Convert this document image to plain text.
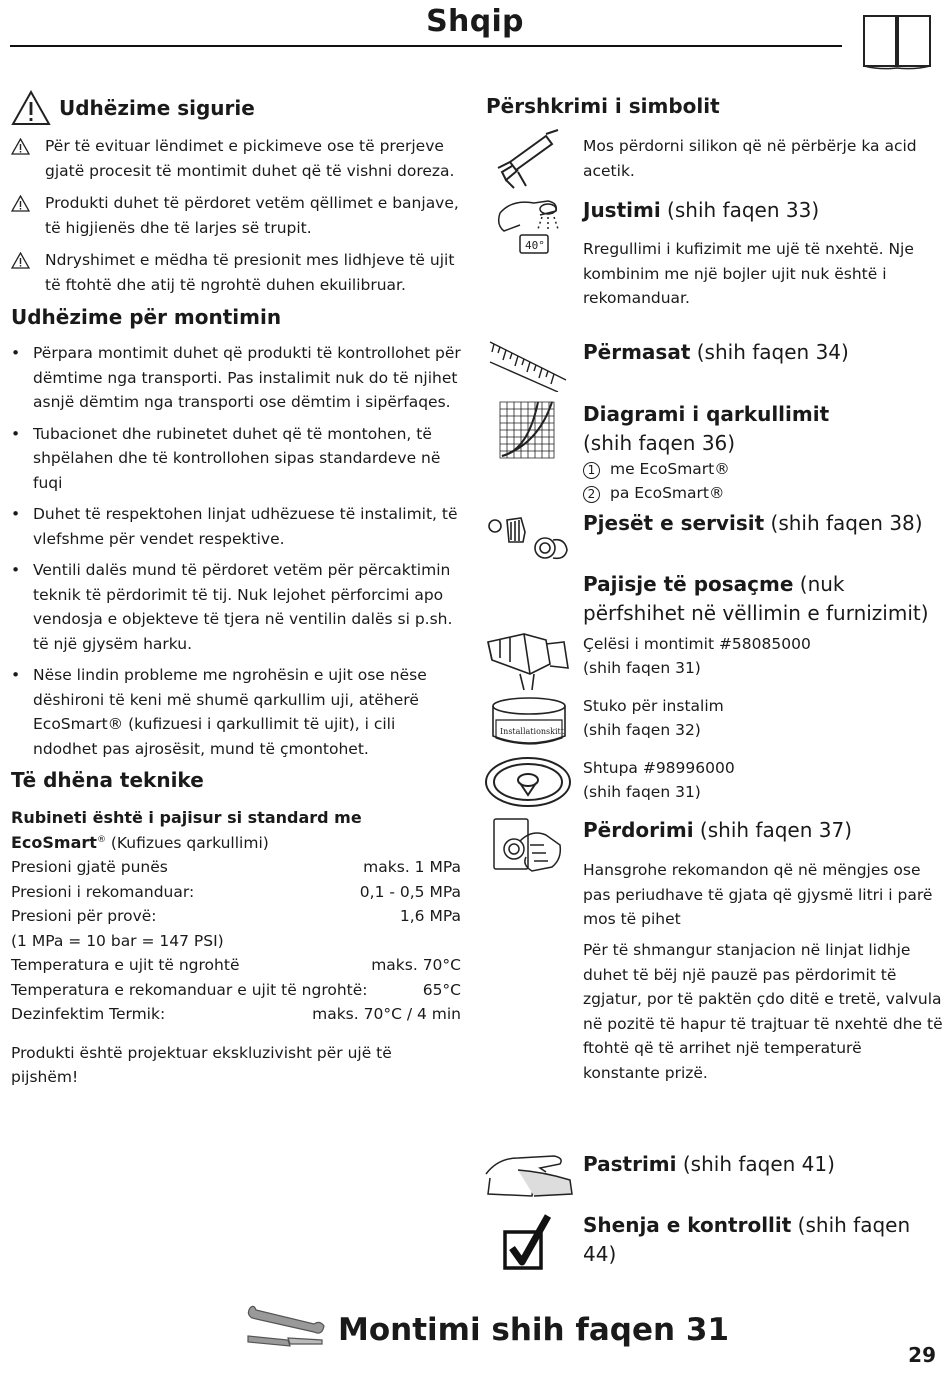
Shqip
Udhëzime sigurie
Për të evituar lëndimet e pickimeve ose të prerjeve gjatë procesit të montimit duhet që të vishni doreza.
Produkti duhet të përdoret vetëm qëllimet e banjave, të higjienës dhe të larjes së trupit.
Ndryshimet e mëdha të presionit mes lidhjeve të ujit të ftohtë dhe atij të ngrohtë duhen ekuilibruar.
Udhëzime për montimin
• Përpara montimit duhet që produkti të kontrollohet për dëmtime nga transporti. Pas instalimit nuk do të njihet asnjë dëmtim nga transporti ose dëmtim i sipërfaqes.
• Tubacionet dhe rubinetet duhet që të montohen, të shpëlahen dhe të kontrollohen sipas standardeve në fuqi
• Duhet të respektohen linjat udhëzuese të instalimit, të vlefshme për vendet respektive.
• Ventili dalës mund të përdoret vetëm për përcaktimin teknik të përdorimit të tij. Nuk lejohet përforcimi apo vendosja e objekteve të tjera në ventilin dalës si p.sh. të një gjysëm harku.
• Nëse lindin probleme me ngrohësin e ujit ose nëse dëshironi të keni më shumë qarkullim uji, atëherë EcoSmart® (kufizuesi i qarkullimit të ujit), i cili ndodhet pas ajrosësit, mund të çmontohet.
Të dhëna teknike
Rubineti është i pajisur si standard me EcoSmart® (Kufizues qarkullimi)
Presioni gjatë punës	maks. 1 MPa
Presioni i rekomanduar:	0,1 - 0,5 MPa
Presioni për provë:	1,6 MPa
(1 MPa = 10 bar = 147 PSI)
Temperatura e ujit të ngrohtë	maks. 70°C
Temperatura e rekomanduar e ujit të ngrohtë:	65°C
Dezinfektim Termik:	maks. 70°C / 4 min
Produkti është projektuar ekskluzivisht për ujë të pijshëm!
Përshkrimi i simbolit
Mos përdorni silikon që në përbërje ka acid acetik.
40°
Justimi (shih faqen 33)
Rregullimi i kufizimit me ujë të nxehtë. Nje kombinim me një bojler ujit nuk është i rekomanduar.
Përmasat (shih faqen 34)
Diagrami i qarkullimit
(shih faqen 36)
1 me EcoSmart®
2 pa EcoSmart®
Pjesët e servisit (shih faqen 38)
Pajisje të posaçme (nuk përfshihet në vëllimin e furnizimit)
Çelësi i montimit #58085000
(shih faqen 31)
Installationskitt
Stuko për instalim
(shih faqen 32)
Shtupa #98996000
(shih faqen 31)
Përdorimi (shih faqen 37)
Hansgrohe rekomandon që në mëngjes ose pas periudhave të gjata që gjysmë litri i parë mos të pihet
Për të shmangur stanjacion në linjat lidhje duhet të bëj një pauzë pas përdorimit të zgjatur, por të paktën çdo ditë e tretë, valvula në pozitë të hapur të trajtuar të nxehtë dhe të ftohtë që të arrihet një temperaturë konstante prizë.
Pastrimi (shih faqen 41)
Shenja e kontrollit (shih faqen 44)
Montimi shih faqen 31
29
